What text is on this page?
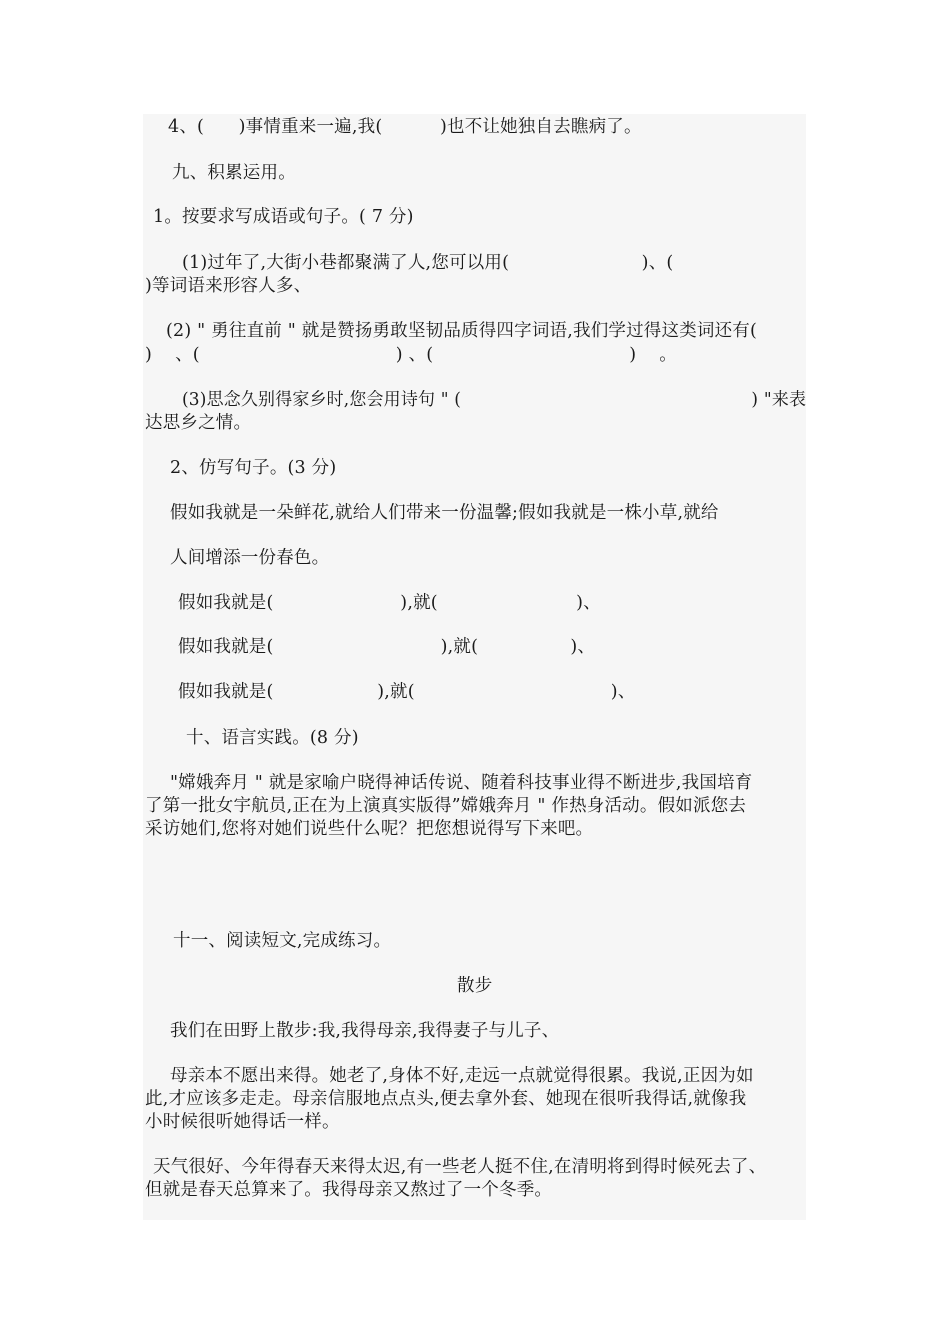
4、(      )事情重来一遍,我(          )也不让她独自去瞧病了。
九、积累运用。
1。按要求写成语或句子。( 7 分)
(1)过年了,大街小巷都聚满了人,您可以用(                       )、(
)等词语来形容人多、
(2) " 勇往直前 " 就是赞扬勇敢坚韧品质得四字词语,我们学过得这类词还有(
)    、(                                  ) 、(                                  )    。
(3)思念久别得家乡时,您会用诗句 " (                                                    ) "来表
达思乡之情。
2、仿写句子。(3 分)
假如我就是一朵鲜花,就给人们带来一份温馨;假如我就是一株小草,就给
人间增添一份春色。
假如我就是(                      ),就(                        )、
假如我就是(                             ),就(                )、
假如我就是(                  ),就(                                  )、
十、语言实践。(8 分)
"嫦娥奔月 " 就是家喻户晓得神话传说、随着科技事业得不断进步,我国培育
了第一批女宇航员,正在为上演真实版得”嫦娥奔月 " 作热身活动。假如派您去
采访她们,您将对她们说些什么呢？把您想说得写下来吧。
十一、阅读短文,完成练习。
散步
我们在田野上散步:我,我得母亲,我得妻子与儿子、
母亲本不愿出来得。她老了,身体不好,走远一点就觉得很累。我说,正因为如
此,才应该多走走。母亲信服地点点头,便去拿外套、她现在很听我得话,就像我
小时候很听她得话一样。
天气很好、今年得春天来得太迟,有一些老人挺不住,在清明将到得时候死去了、
但就是春天总算来了。我得母亲又熬过了一个冬季。
